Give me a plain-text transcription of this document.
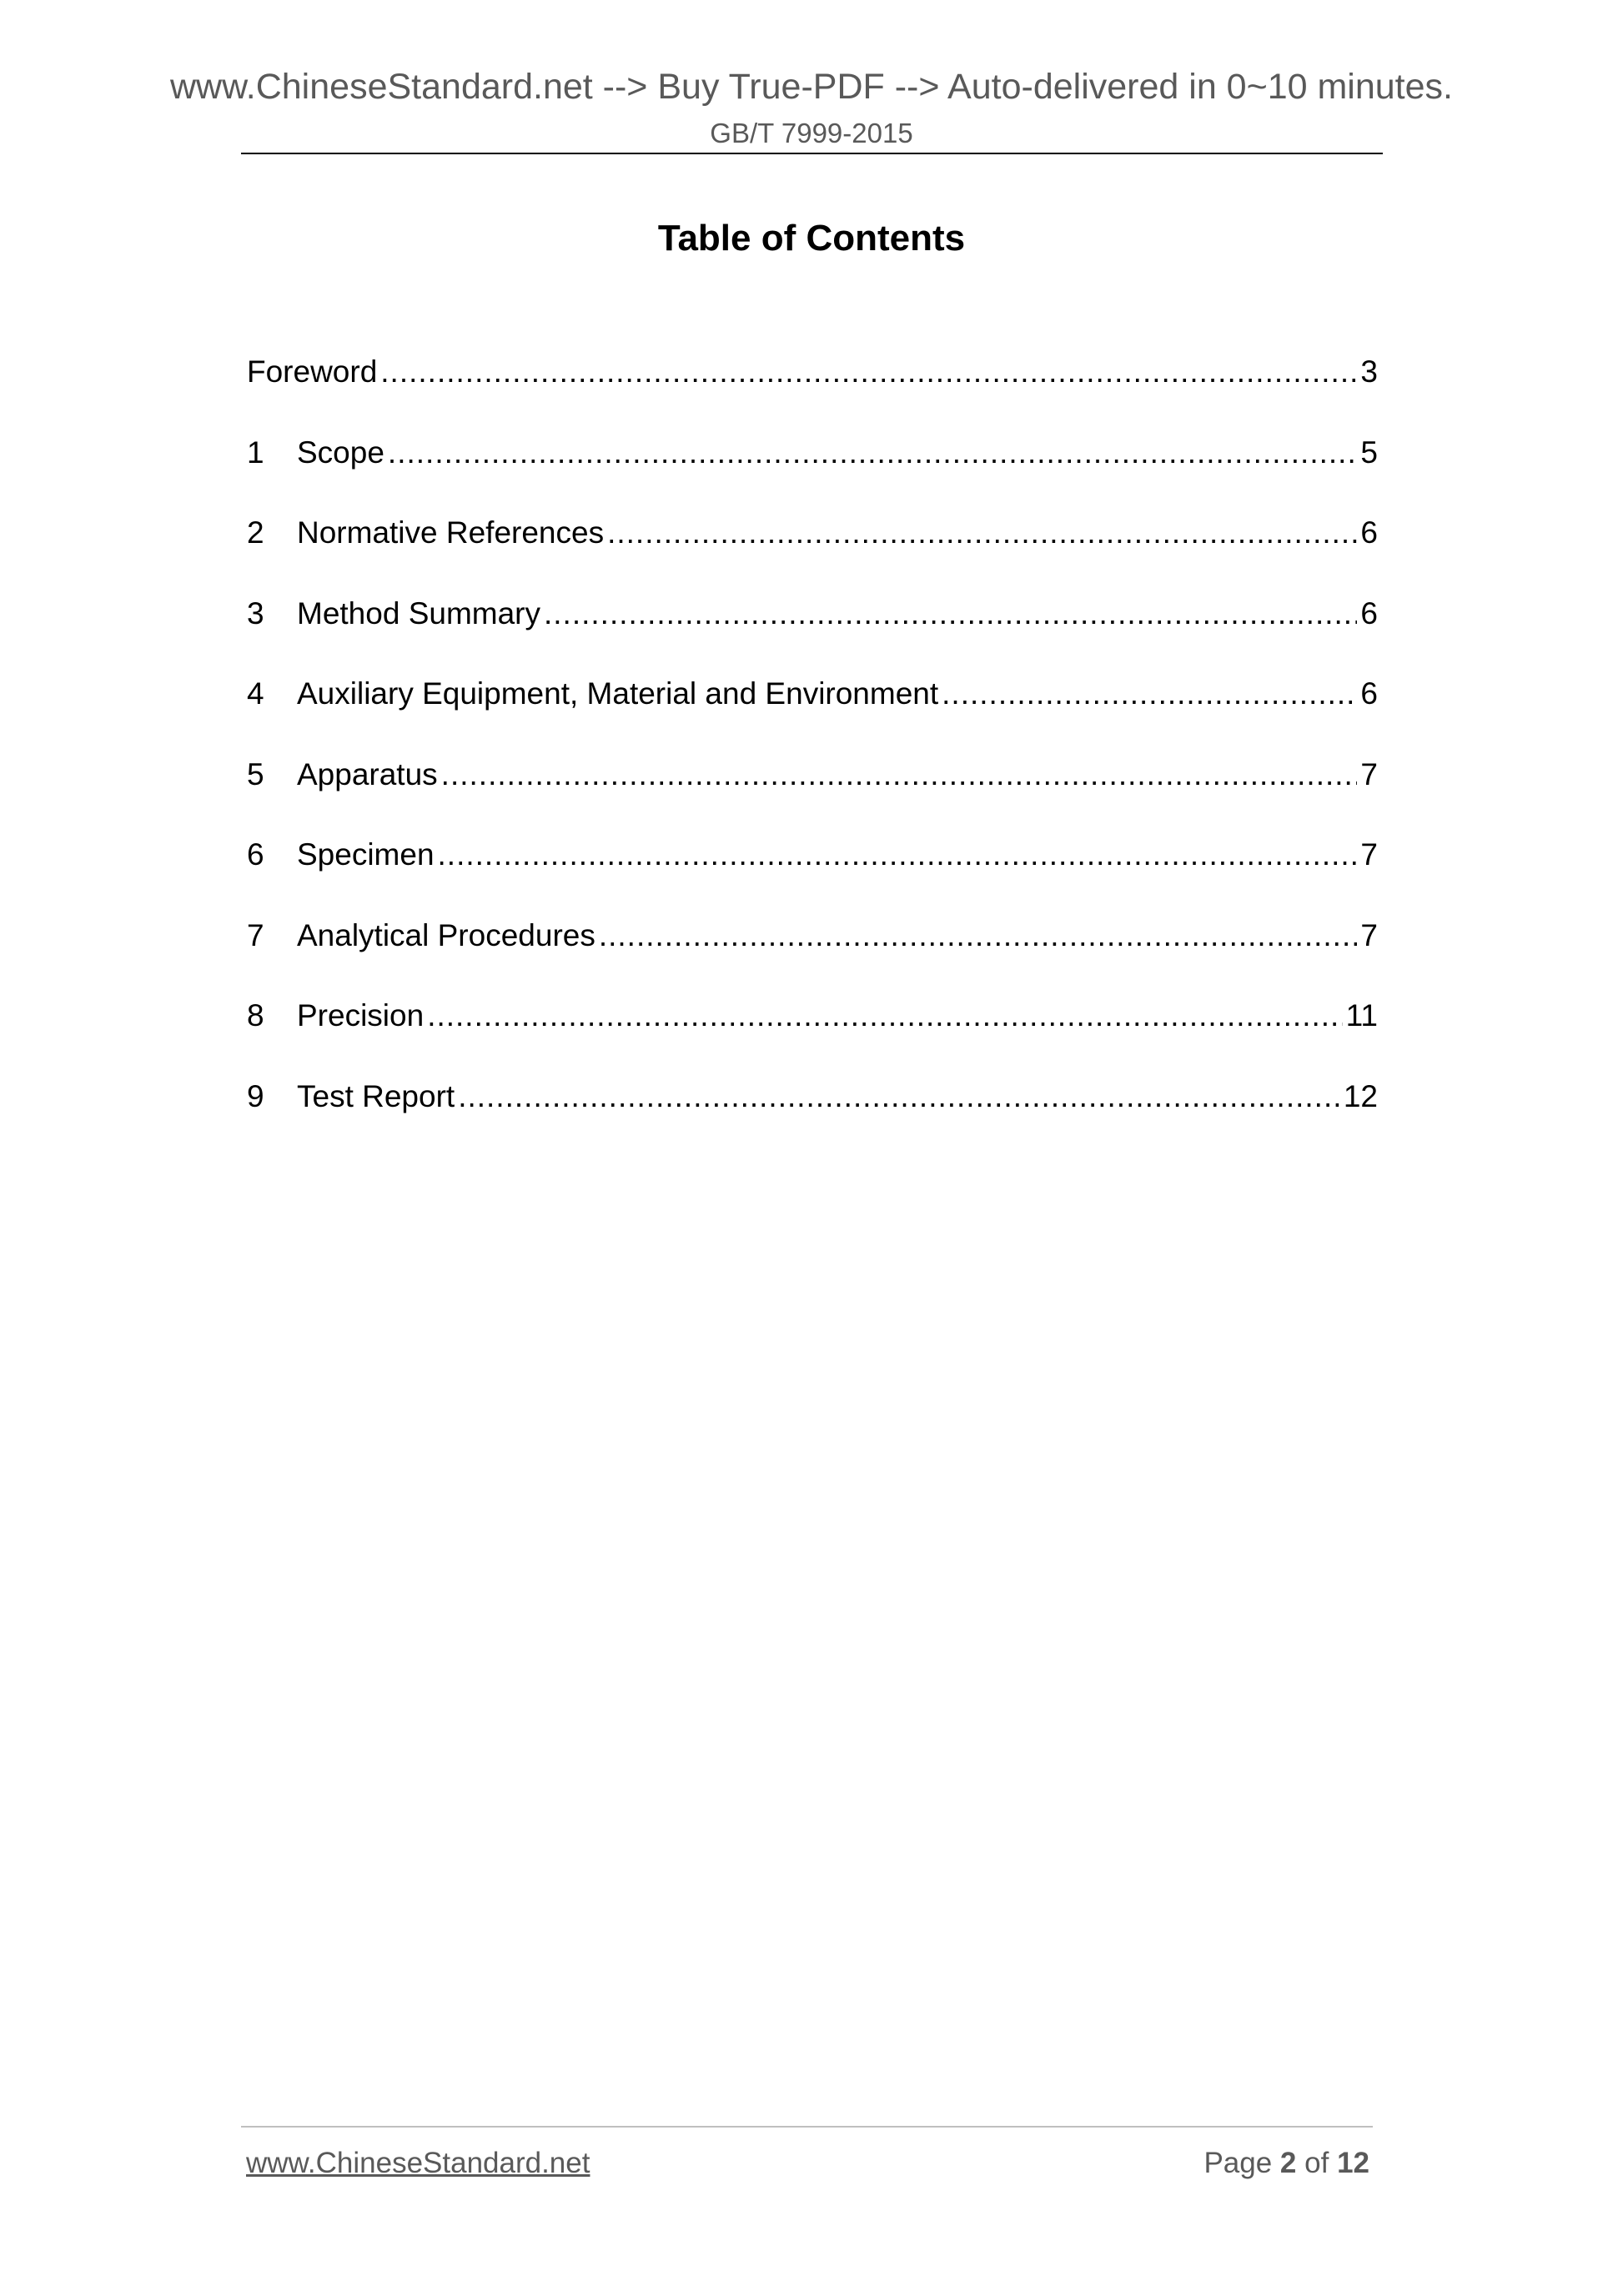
www.ChineseStandard.net --> Buy True-PDF --> Auto-delivered in 0~10 minutes.
GB/T 7999-2015
Table of Contents
Foreword .....	3
1	Scope .....	5
2	Normative References .....	6
3	Method Summary .....	6
4	Auxiliary Equipment, Material and Environment .....	6
5	Apparatus .....	7
6	Specimen .....	7
7	Analytical Procedures .....	7
8	Precision .....	11
9	Test Report .....	12
www.ChineseStandard.net	Page 2 of 12
